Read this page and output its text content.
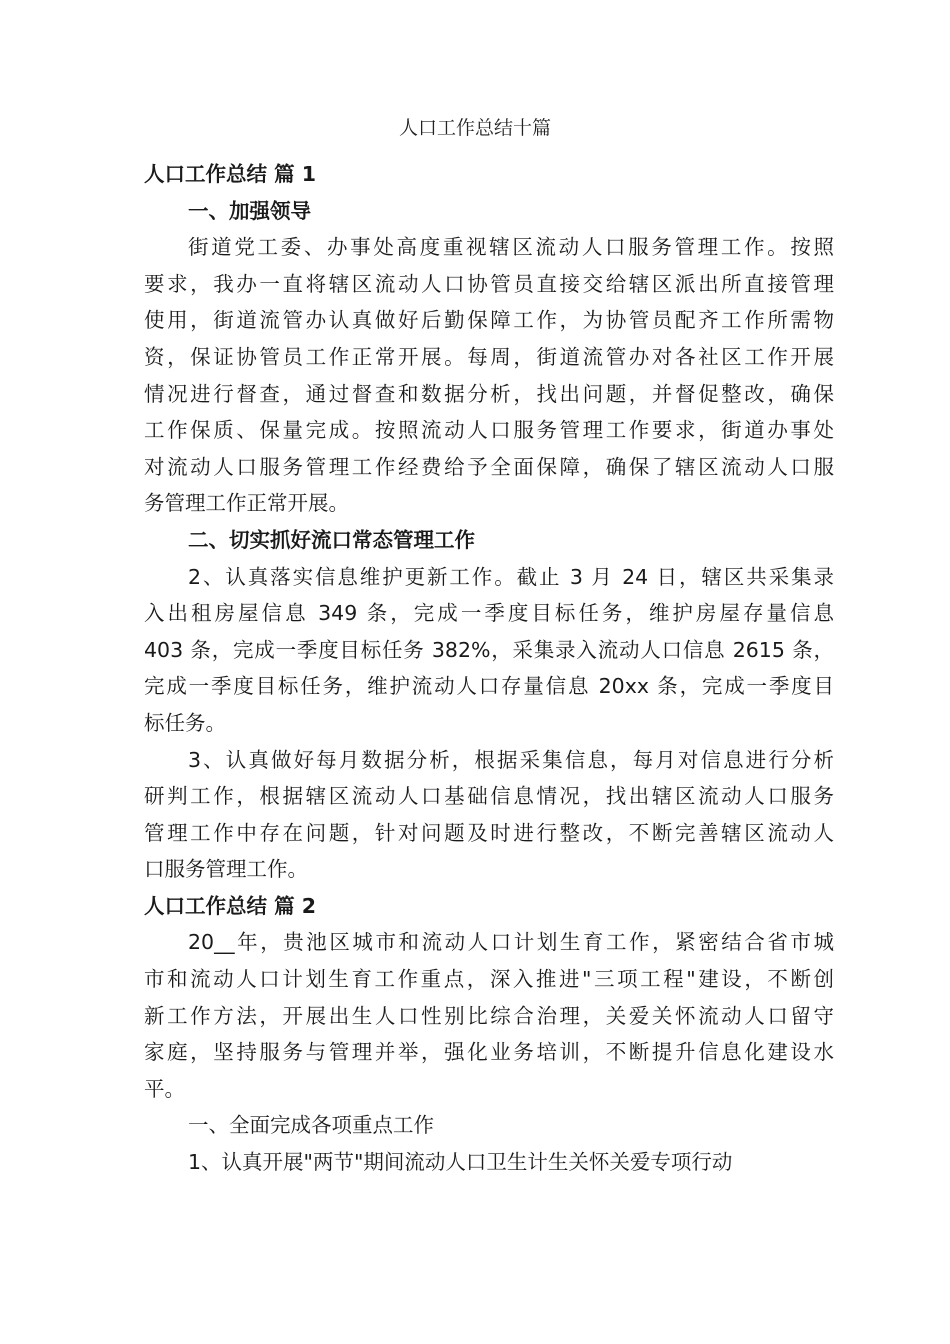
人口工作总结十篇
人口工作总结 篇 1
一、加强领导
街道党工委、办事处高度重视辖区流动人口服务管理工作。按照
要求，我办一直将辖区流动人口协管员直接交给辖区派出所直接管理
使用，街道流管办认真做好后勤保障工作，为协管员配齐工作所需物
资，保证协管员工作正常开展。每周，街道流管办对各社区工作开展
情况进行督查，通过督查和数据分析，找出问题，并督促整改，确保
工作保质、保量完成。按照流动人口服务管理工作要求，街道办事处
对流动人口服务管理工作经费给予全面保障，确保了辖区流动人口服
务管理工作正常开展。
二、切实抓好流口常态管理工作
2、认真落实信息维护更新工作。截止 3 月 24 日，辖区共采集录
入出租房屋信息 349 条，完成一季度目标任务，维护房屋存量信息
403 条，完成一季度目标任务 382%，采集录入流动人口信息 2615 条，
完成一季度目标任务，维护流动人口存量信息 20xx 条，完成一季度目
标任务。
3、认真做好每月数据分析，根据采集信息，每月对信息进行分析
研判工作，根据辖区流动人口基础信息情况，找出辖区流动人口服务
管理工作中存在问题，针对问题及时进行整改，不断完善辖区流动人
口服务管理工作。
人口工作总结 篇 2
20__年，贵池区城市和流动人口计划生育工作，紧密结合省市城
市和流动人口计划生育工作重点，深入推进"三项工程"建设，不断创
新工作方法，开展出生人口性别比综合治理，关爱关怀流动人口留守
家庭，坚持服务与管理并举，强化业务培训，不断提升信息化建设水
平。
一、全面完成各项重点工作
1、认真开展"两节"期间流动人口卫生计生关怀关爱专项行动
